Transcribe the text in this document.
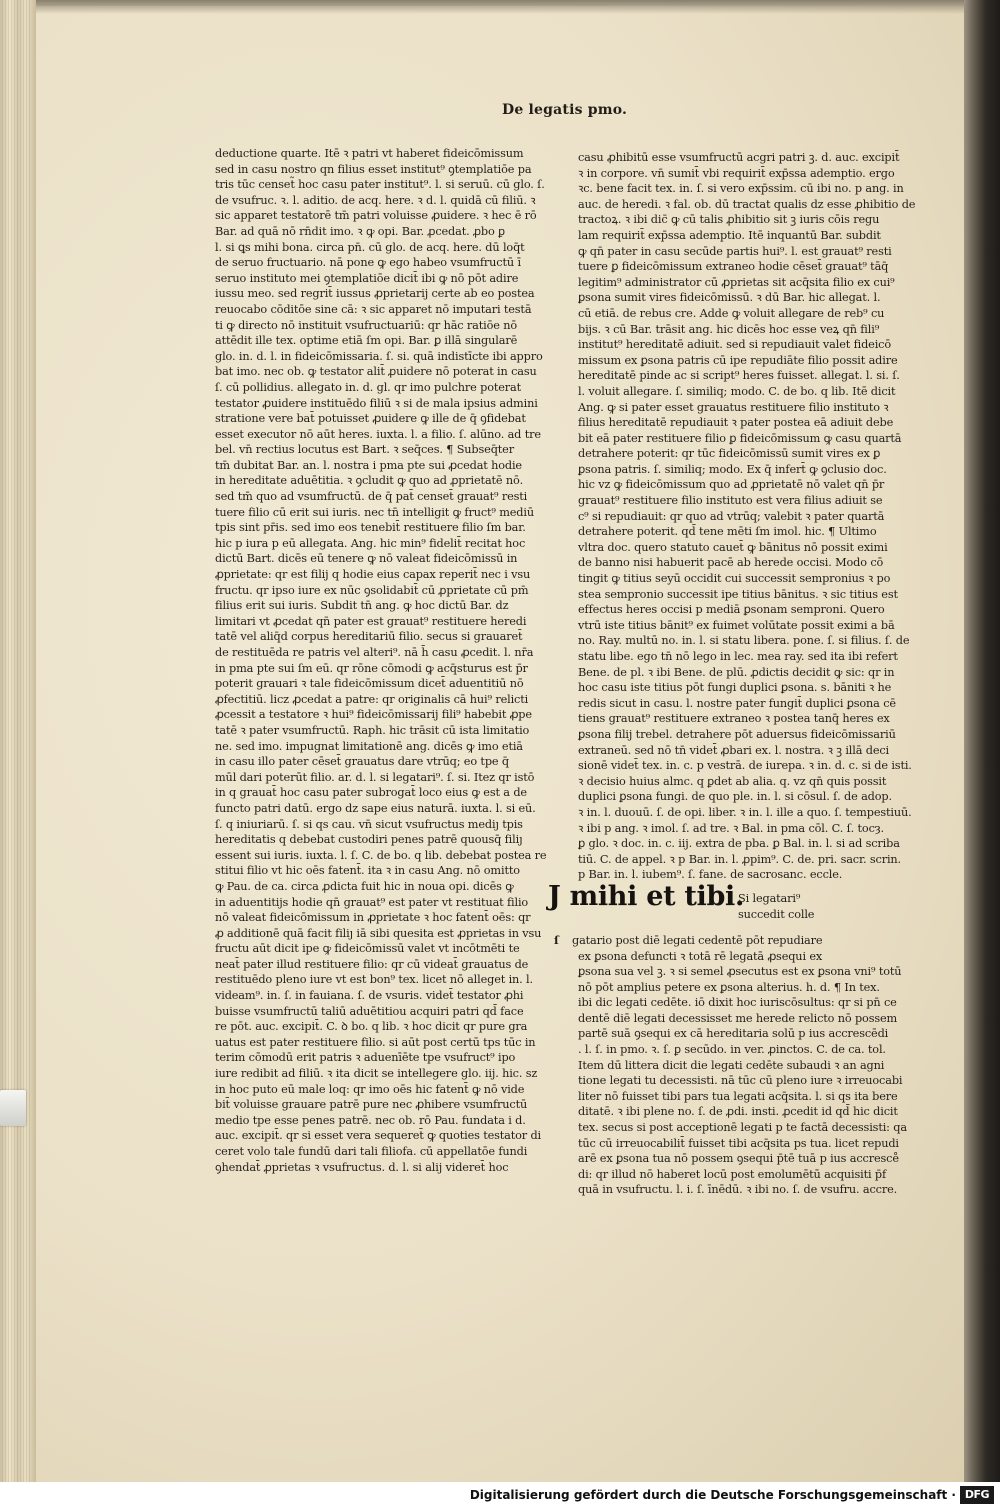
De legatis pmo.
deductione quarte. Itē ꝛ patri vt haberet fideicōmissum
sed in casu nostro qn filius esset institut⁹ ꝯtemplatiōe pa
tris tūc censet̃ hoc casu pater institut⁹. l. si seruū. cū glo. ſ.
de vsufruc. ꝛ. l. aditio. de acq. here. ꝛ d. l. quidā cū filiū. ꝛ
sic apparet testatorē tm̄ patri voluisse ꝓuidere. ꝛ hec ē rō
Bar. ad quā nō rn̄dit imo. ꝛ ꝙ opi. Bar. ꝓcedat. ꝓbo ꝑ
l. si ꝗs mihi bona. circa pn̄. cū glo. de acq. here. dū loq̄t
de seruo fructuario. nā pone ꝙ ego habeo vsumfructū ī
seruo instituto mei ꝯtemplatiōe dicit̄ ibi ꝙ nō pōt adire
iussu meo. sed regrit̄ iussus ꝓprietarij certe ab eo postea
reuocabo cōditōe sine cā: ꝛ sic apparet nō imputari testā
ti ꝙ directo nō instituit vsufructuariū: qr hāc ratiōe nō
attēdit ille tex. optime etiā ſm opi. Bar. ꝑ illā singularē
glo. in. d. l. in fideicōmissaria. ſ. si. quā indistīcte ibi appro
bat imo. nec ob. ꝙ testator alit̄ ꝓuidere nō poterat in casu
ſ. cū pollidius. allegato in. d. gl. qr imo pulchre poterat
testator ꝓuidere instituēdo filiū ꝛ si de mala ipsius admini
stratione vere bat̄ potuisset ꝓuidere ꝙ ille de q̄ ꝯfidebat
esset executor nō aūt heres. iuxta. l. a filio. ſ. alūno. ad tre
bel. vn̄ rectius locutus est Bart. ꝛ seq̄ces. ¶ Subseq̄ter
tm̄ dubitat Bar. an. l. nostra i pma pte sui ꝓcedat hodie
in hereditate aduētitia. ꝛ ꝯcludit ꝙ quo ad ꝓprietatē nō.
sed tm̄ quo ad vsumfructū. de q̄ pat̄ censet̄ grauat⁹ resti
tuere filio cū erit sui iuris. nec tn̄ intelligit ꝙ fruct⁹ mediū
tpis sint pr̄is. sed imo eos tenebit̄ restituere filio ſm bar.
hic p iura p eū allegata. Ang. hic min⁹ fidelit̄ recitat hoc
dictū Bart. dicēs eū tenere ꝙ nō valeat fideicōmissū in
ꝓprietate: qr est filij q hodie eius capax reperit̄ nec i vsu
fructu. qr ipso iure ex nūc ꝯsolidabit̄ cū ꝓprietate cū pm̄
filius erit sui iuris. Subdit tn̄ ang. ꝙ hoc dictū Bar. dz
limitari vt ꝓcedat qn̄ pater est grauat⁹ restituere heredi
tatē vel aliq̄d corpus hereditariū filio. secus si grauaret̄
de restituēda re patris vel alteri⁹. nā h̄ casu ꝓcedit. l. nr̄a
in pma pte sui ſm eū. qr rōne cōmodi ꝙ acq̄sturus est p̄r
poterit grauari ꝛ tale fideicōmissum dicet̄ aduentitiū nō
ꝓfectitiū. licz ꝓcedat a patre: qr originalis cā hui⁹ relicti
ꝓcessit a testatore ꝛ hui⁹ fideicōmissarij fili⁹ habebit ꝓpe
tatē ꝛ pater vsumfructū. Raph. hic trāsit cū ista limitatio
ne. sed imo. impugnat limitationē ang. dicēs ꝙ imo etiā
in casu illo pater cēset̄ grauatus dare vtrūq; eo tpe q̄
mūl dari poterūt filio. ar. d. l. si legatari⁹. ſ. si. Itez qr istō
in q grauat̄ hoc casu pater subrogat̄ loco eius ꝙ est a de
functo patri datū. ergo dz sape eius naturā. iuxta. l. si eū.
ſ. q iniuriarū. ſ. si qs cau. vn̄ sicut vsufructus mediȷ tpis
hereditatis q debebat custodiri penes patrē quousq̄ filiȷ
essent sui iuris. iuxta. l. ſ. C. de bo. q lib. debebat postea re
stitui filio vt hic oēs fatent̄. ita ꝛ in casu Ang. nō omitto
ꝙ Pau. de ca. circa ꝓdicta fuit hic in noua opi. dicēs ꝙ
in aduentitijs hodie qn̄ grauat⁹ est pater vt restituat filio
nō valeat fideicōmissum in ꝓprietate ꝛ hoc fatent̄ oēs: qr
ꝓ additionē quā facit filiȷ iā sibi quesita est ꝓprietas in vsu
fructu aūt dicit ipe ꝙ fideicōmissū valet vt incōtmēti te
neat̄ pater illud restituere filio: qr cū videat̄ grauatus de
restituēdo pleno iure vt est bon⁹ tex. licet nō alleget in. l.
videam⁹. in. ſ. in fauiana. ſ. de vsuris. videt̄ testator ꝓhi
buisse vsumfructū taliū aduētitiou acquiri patri qd̄ face
re pōt. auc. excipit̄. C. ꝺ bo. q lib. ꝛ hoc dicit qr pure gra
uatus est pater restituere filio. si aūt post certū tps tūc in
terim cōmodū erit patris ꝛ aduenīēte tpe vsufruct⁹ ipo
iure redibit ad filiū. ꝛ ita dicit se intellegere glo. iij. hic. sz
in hoc puto eū male loq: qr imo oēs hic fatent̄ ꝙ nō vide
bit̄ voluisse grauare patrē pure nec ꝓhibere vsumfructū
medio tpe esse penes patrē. nec ob. rō Pau. fundata i d.
auc. excipit̄. qr si esset vera sequeret̄ ꝙ quoties testator di
ceret volo tale fundū dari tali filiofa. cū appellatōe fundi
ꝯhendat̄ ꝓprietas ꝛ vsufructus. d. l. si alij videret̄ hoc
casu ꝓhibitū esse vsumfructū acgri patri ꝫ. d. auc. excipit̄
ꝛ in corpore. vn̄ sumit̄ vbi requirit̄ exp̄ssa ademptio. ergo
ꝛc. bene facit tex. in. ſ. si vero exp̄ssim. cū ibi no. p ang. in
auc. de heredi. ꝛ fal. ob. dū tractat qualis dz esse ꝓhibitio de
tractoꝝ. ꝛ ibi dic̄ ꝙ cū talis ꝓhibitio sit ꝫ iuris cōis regu
lam requirit̄ exp̄ssa ademptio. Itē inquantū Bar. subdit
ꝙ qn̄ pater in casu secūde partis hui⁹. l. est grauat⁹ resti
tuere ꝑ fideicōmissum extraneo hodie cēset̄ grauat⁹ tāq̄
legitim⁹ administrator cū ꝓprietas sit acq̄sita filio ex cui⁹
ꝑsona sumit vires fideicōmissū. ꝛ dū Bar. hic allegat. l.
cū etiā. de rebus cre. Adde ꝙ voluit allegare de reb⁹ cu
bijs. ꝛ cū Bar. trāsit ang. hic dicēs hoc esse veꝝ qn̄ fili⁹
institut⁹ hereditatē adiuit. sed si repudiauit valet fideicō
missum ex ꝑsona patris cū ipe repudiāte filio possit adire
hereditatē pinde ac si script⁹ heres fuisset. allegat. l. si. ſ.
l. voluit allegare. ſ. similiq; modo. C. de bo. q lib. Itē dicit
Ang. ꝙ si pater esset grauatus restituere filio instituto ꝛ
filius hereditatē repudiauit ꝛ pater postea eā adiuit debe
bit eā pater restituere filio ꝑ fideicōmissum ꝙ casu quartā
detrahere poterit: qr tūc fideicōmissū sumit vires ex ꝑ
ꝑsona patris. ſ. similiq; modo. Ex q̄ infert̄ ꝙ ꝯclusio doc.
hic vz ꝙ fideicōmissum quo ad ꝓprietatē nō valet qn̄ p̄r
grauat⁹ restituere filio instituto est vera filius adiuit se
c⁹ si repudiauit: qr quo ad vtrūq; valebit ꝛ pater quartā
detrahere poterit. qd̄ tene mēti ſm imol. hic. ¶ Ultimo
vltra doc. quero statuto cauet̄ ꝙ bānitus nō possit eximi
de banno nisi habuerit pacē ab herede occisi. Modo cō
tingit ꝙ titius seyū occidit cui successit sempronius ꝛ po
stea sempronio successit ipe titius bānitus. ꝛ sic titius est
effectus heres occisi p mediā ꝑsonam semproni. Quero
vtrū iste titius bānit⁹ ex fuimet volūtate possit eximi a bā
no. Ray. multū no. in. l. si statu libera. pone. ſ. si filius. ſ. de
statu libe. ego tn̄ nō lego in lec. mea ray. sed ita ibi refert
Bene. de pl. ꝛ ibi Bene. de plū. ꝓdictis decidit ꝙ sic: qr in
hoc casu iste titius pōt fungi duplici ꝑsona. s. bāniti ꝛ he
redis sicut in casu. l. nostre pater fungit̄ duplici ꝑsona cē
tiens grauat⁹ restituere extraneo ꝛ postea tanq̄ heres ex
ꝑsona filij trebel. detrahere pōt aduersus fideicōmissariū
extraneū. sed nō tn̄ videt̄ ꝓbari ex. l. nostra. ꝛ ꝫ illā deci
sionē videt̄ tex. in. c. p vestrā. de iurepa. ꝛ in. d. c. si de isti.
ꝛ decisio huius almc. q ꝑdet ab alia. q. vz qn̄ quis possit
duplici ꝑsona fungi. de quo ple. in. l. si cōsul. ſ. de adop.
ꝛ in. l. duouū. ſ. de opi. liber. ꝛ in. l. ille a quo. ſ. tempestiuū.
ꝛ ibi p ang. ꝛ imol. ſ. ad tre. ꝛ Bal. in pma cōl. C. ſ. tocȝ.
ꝑ glo. ꝛ doc. in. c. iij. extra de pba. ꝑ Bal. in. l. si ad scriba
tiū. C. de appel. ꝛ p Bar. in. l. ꝓpim⁹. C. de. pri. sacr. scrin.
p Bar. in. l. iubem⁹. ſ. fane. de sacrosanc. eccle.
J mihi et tibi.
Si legatari⁹
succedit colle
ſ gatario post diē legati cedentē pōt repudiare
ex ꝑsona defuncti ꝛ totā rē legatā ꝓsequi ex
ꝑsona sua vel ꝫ. ꝛ si semel ꝓsecutus est ex ꝑsona vni⁹ totū
nō pōt amplius petere ex ꝑsona alterius. h. d. ¶ In tex.
ibi dic legati cedēte. iō dixit hoc iuriscōsultus: qr si pn̄ ce
dentē diē legati decessisset me herede relicto nō possem
partē suā ꝯsequi ex cā hereditaria solū p ius accrescēdi
. l. ſ. in pmo. ꝛ. ſ. ꝑ secūdo. in ver. ꝓinctos. C. de ca. tol.
Item dū littera dicit die legati cedēte subaudi ꝛ an agni
tione legati tu decessisti. nā tūc cū pleno iure ꝛ irreuocabi
liter nō fuisset tibi pars tua legati acq̄sita. l. si qs ita bere
ditatē. ꝛ ibi plene no. ſ. de ꝓdi. insti. ꝓcedit id qd̄ hic dicit
tex. secus si post acceptionē legati p te factā decessisti: qa
tūc cū irreuocabilit̄ fuisset tibi acq̄sita ps tua. licet repudi
arē ex ꝑsona tua nō possem ꝯsequi p̄tē tuā p ius accresce̊
di: qr illud nō haberet locū post emolumētū acquisiti p̄f
quā in vsufructu. l. i. ſ. īnēdū. ꝛ ibi no. ſ. de vsufru. accre.
Digitalisierung gefördert durch die Deutsche Forschungsgemeinschaft · DFG
